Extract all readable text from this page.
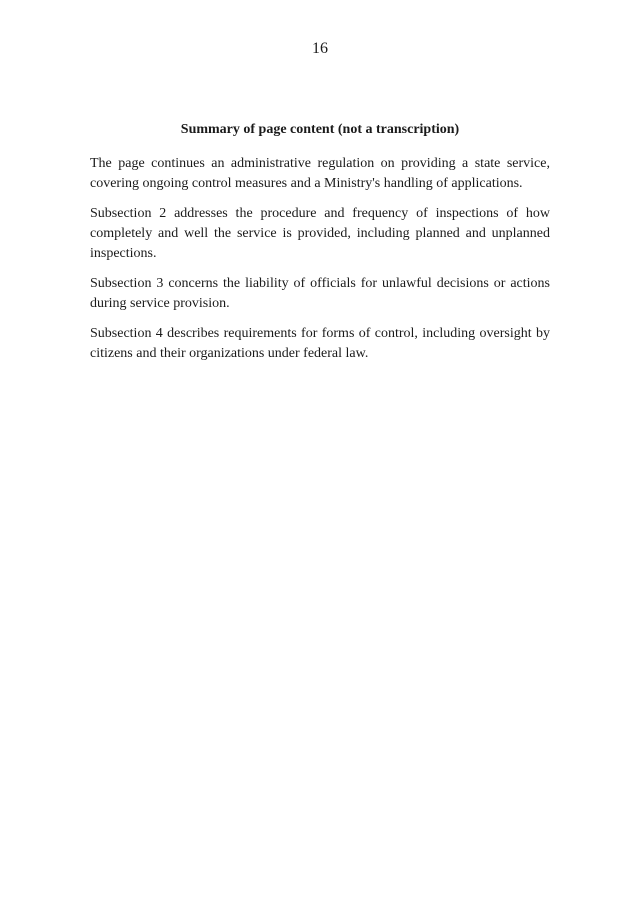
16
Summary of page content (not a transcription)

The page continues an administrative regulation on providing a state service, covering ongoing control measures and a Ministry's handling of applications.

Subsection 2 addresses the procedure and frequency of inspections of how completely and well the service is provided, including planned and unplanned inspections.

Subsection 3 concerns the liability of officials for unlawful decisions or actions during service provision.

Subsection 4 describes requirements for forms of control, including oversight by citizens and their organizations under federal law.
